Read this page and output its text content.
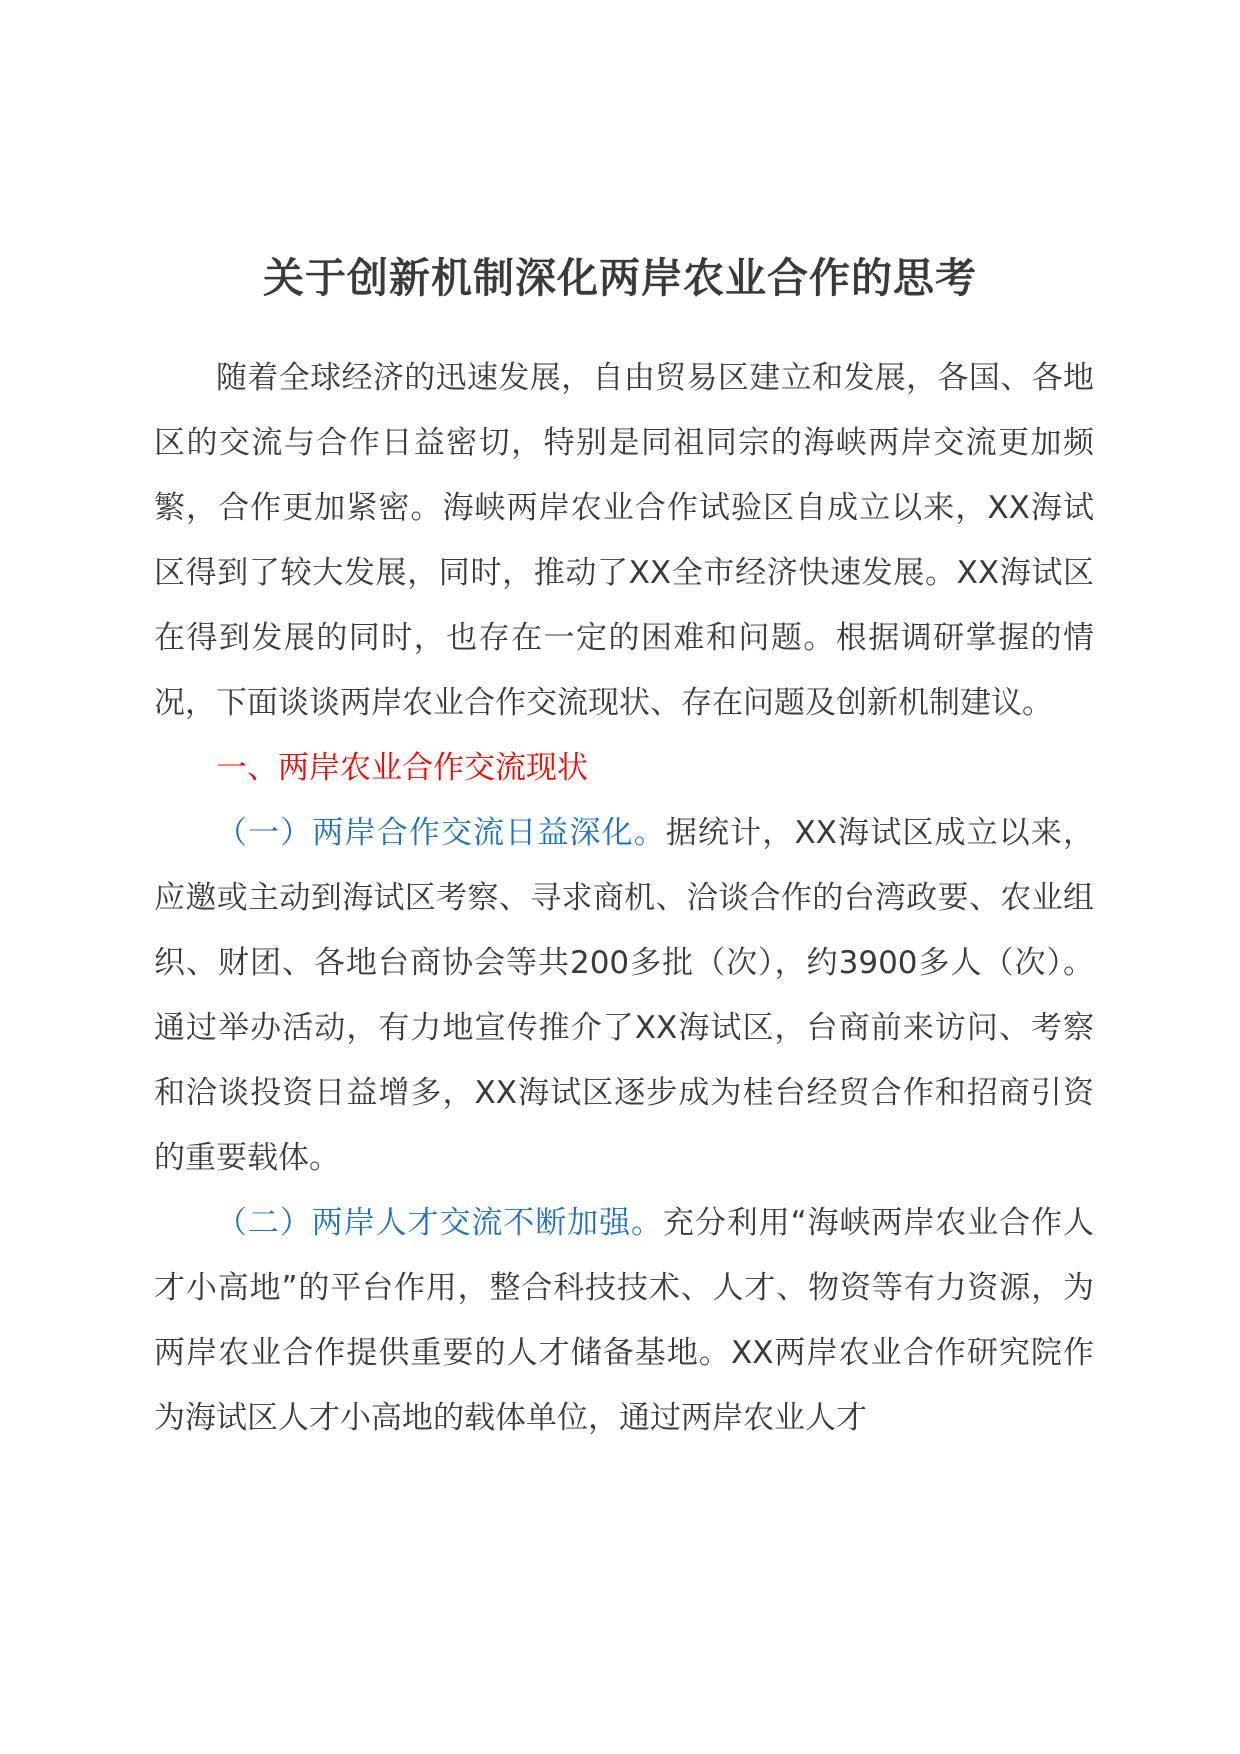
关于创新机制深化两岸农业合作的思考

随着全球经济的迅速发展，自由贸易区建立和发展，各国、各地区的交流与合作日益密切，特别是同祖同宗的海峡两岸交流更加频繁，合作更加紧密。海峡两岸农业合作试验区自成立以来，XX海试区得到了较大发展，同时，推动了XX全市经济快速发展。XX海试区在得到发展的同时，也存在一定的困难和问题。根据调研掌握的情况，下面谈谈两岸农业合作交流现状、存在问题及创新机制建议。

一、两岸农业合作交流现状

（一）两岸合作交流日益深化。据统计，XX海试区成立以来，应邀或主动到海试区考察、寻求商机、洽谈合作的台湾政要、农业组织、财团、各地台商协会等共200多批（次），约3900多人（次）。通过举办活动，有力地宣传推介了XX海试区，台商前来访问、考察和洽谈投资日益增多，XX海试区逐步成为桂台经贸合作和招商引资的重要载体。

（二）两岸人才交流不断加强。充分利用“海峡两岸农业合作人才小高地”的平台作用，整合科技技术、人才、物资等有力资源，为两岸农业合作提供重要的人才储备基地。XX两岸农业合作研究院作为海试区人才小高地的载体单位，通过两岸农业人才
